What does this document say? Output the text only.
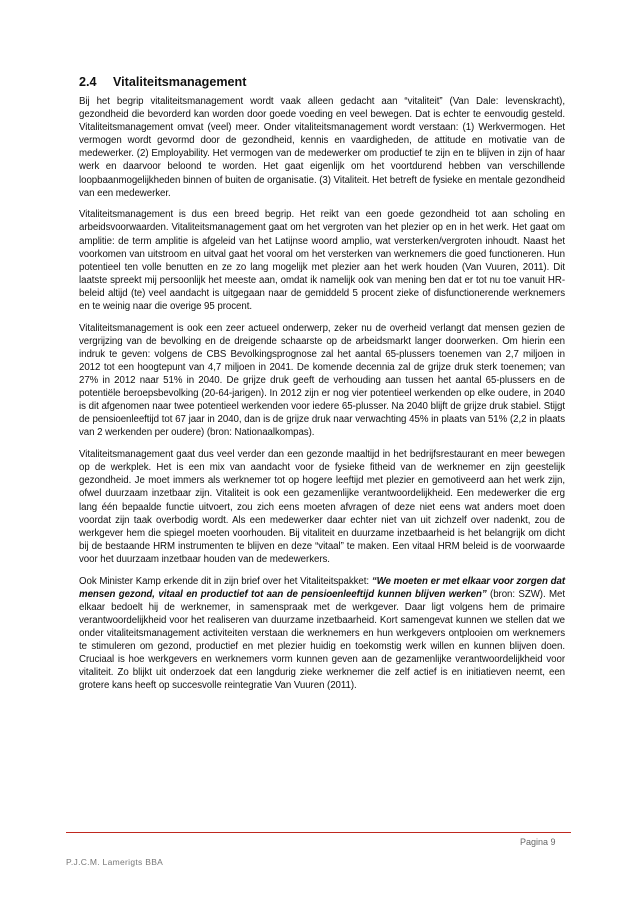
2.4 Vitaliteitsmanagement

Bij het begrip vitaliteitsmanagement wordt vaak alleen gedacht aan “vitaliteit” (Van Dale: levenskracht), gezondheid die bevorderd kan worden door goede voeding en veel bewegen. Dat is echter te eenvoudig gesteld. Vitaliteitsmanagement omvat (veel) meer. Onder vitaliteitsmanagement wordt verstaan: (1) Werkvermogen. Het vermogen wordt gevormd door de gezondheid, kennis en vaardigheden, de attitude en motivatie van de medewerker. (2) Employability. Het vermogen van de medewerker om productief te zijn en te blijven in zijn of haar werk en daarvoor beloond te worden. Het gaat eigenlijk om het voortdurend hebben van verschillende loopbaanmogelijkheden binnen of buiten de organisatie. (3) Vitaliteit. Het betreft de fysieke en mentale gezondheid van een medewerker.

Vitaliteitsmanagement is dus een breed begrip. Het reikt van een goede gezondheid tot aan scholing en arbeidsvoorwaarden. Vitaliteitsmanagement gaat om het vergroten van het plezier op en in het werk. Het gaat om amplitie: de term amplitie is afgeleid van het Latijnse woord amplio, wat versterken/vergroten inhoudt. Naast het voorkomen van uitstroom en uitval gaat het vooral om het versterken van werknemers die goed functioneren. Hun potentieel ten volle benutten en ze zo lang mogelijk met plezier aan het werk houden (Van Vuuren, 2011). Dit laatste spreekt mij persoonlijk het meeste aan, omdat ik namelijk ook van mening ben dat er tot nu toe vanuit HR- beleid altijd (te) veel aandacht is uitgegaan naar de gemiddeld 5 procent zieke of disfunctionerende werknemers en te weinig naar die overige 95 procent.

Vitaliteitsmanagement is ook een zeer actueel onderwerp, zeker nu de overheid verlangt dat mensen gezien de vergrijzing van de bevolking en de dreigende schaarste op de arbeidsmarkt langer doorwerken. Om hierin een indruk te geven: volgens de CBS Bevolkingsprognose zal het aantal 65-plussers toenemen van 2,7 miljoen in 2012 tot een hoogtepunt van 4,7 miljoen in 2041. De komende decennia zal de grijze druk sterk toenemen; van 27% in 2012 naar 51% in 2040. De grijze druk geeft de verhouding aan tussen het aantal 65-plussers en de potentiële beroepsbevolking (20-64-jarigen). In 2012 zijn er nog vier potentieel werkenden op elke oudere, in 2040 is dit afgenomen naar twee potentieel werkenden voor iedere 65-plusser. Na 2040 blijft de grijze druk stabiel. Stijgt de pensioenleeftijd tot 67 jaar in 2040, dan is de grijze druk naar verwachting 45% in plaats van 51% (2,2 in plaats van 2 werkenden per oudere) (bron: Nationaalkompas).

Vitaliteitsmanagement gaat dus veel verder dan een gezonde maaltijd in het bedrijfsrestaurant en meer bewegen op de werkplek. Het is een mix van aandacht voor de fysieke fitheid van de werknemer en zijn geestelijk gezondheid. Je moet immers als werknemer tot op hogere leeftijd met plezier en gemotiveerd aan het werk zijn, ofwel duurzaam inzetbaar zijn. Vitaliteit is ook een gezamenlijke verantwoordelijkheid. Een medewerker die erg lang één bepaalde functie uitvoert, zou zich eens moeten afvragen of deze niet eens wat anders moet doen voordat zijn taak overbodig wordt. Als een medewerker daar echter niet van uit zichzelf over nadenkt, zou de werkgever hem die spiegel moeten voorhouden. Bij vitaliteit en duurzame inzetbaarheid is het belangrijk om dicht bij de bestaande HRM instrumenten te blijven en deze “vitaal” te maken. Een vitaal HRM beleid is de voorwaarde voor het duurzaam inzetbaar houden van de medewerkers.

Ook Minister Kamp erkende dit in zijn brief over het Vitaliteitspakket: “We moeten er met elkaar voor zorgen dat mensen gezond, vitaal en productief tot aan de pensioenleeftijd kunnen blijven werken” (bron: SZW). Met elkaar bedoelt hij de werknemer, in samenspraak met de werkgever. Daar ligt volgens hem de primaire verantwoordelijkheid voor het realiseren van duurzame inzetbaarheid. Kort samengevat kunnen we stellen dat we onder vitaliteitsmanagement activiteiten verstaan die werknemers en hun werkgevers ontplooien om werknemers te stimuleren om gezond, productief en met plezier huidig en toekomstig werk willen en kunnen blijven doen. Cruciaal is hoe werkgevers en werknemers vorm kunnen geven aan de gezamenlijke verantwoordelijkheid voor vitaliteit. Zo blijkt uit onderzoek dat een langdurig zieke werknemer die zelf actief is en initiatieven neemt, een grotere kans heeft op succesvolle reintegratie Van Vuuren (2011).

Pagina 9
P.J.C.M. Lamerigts BBA
